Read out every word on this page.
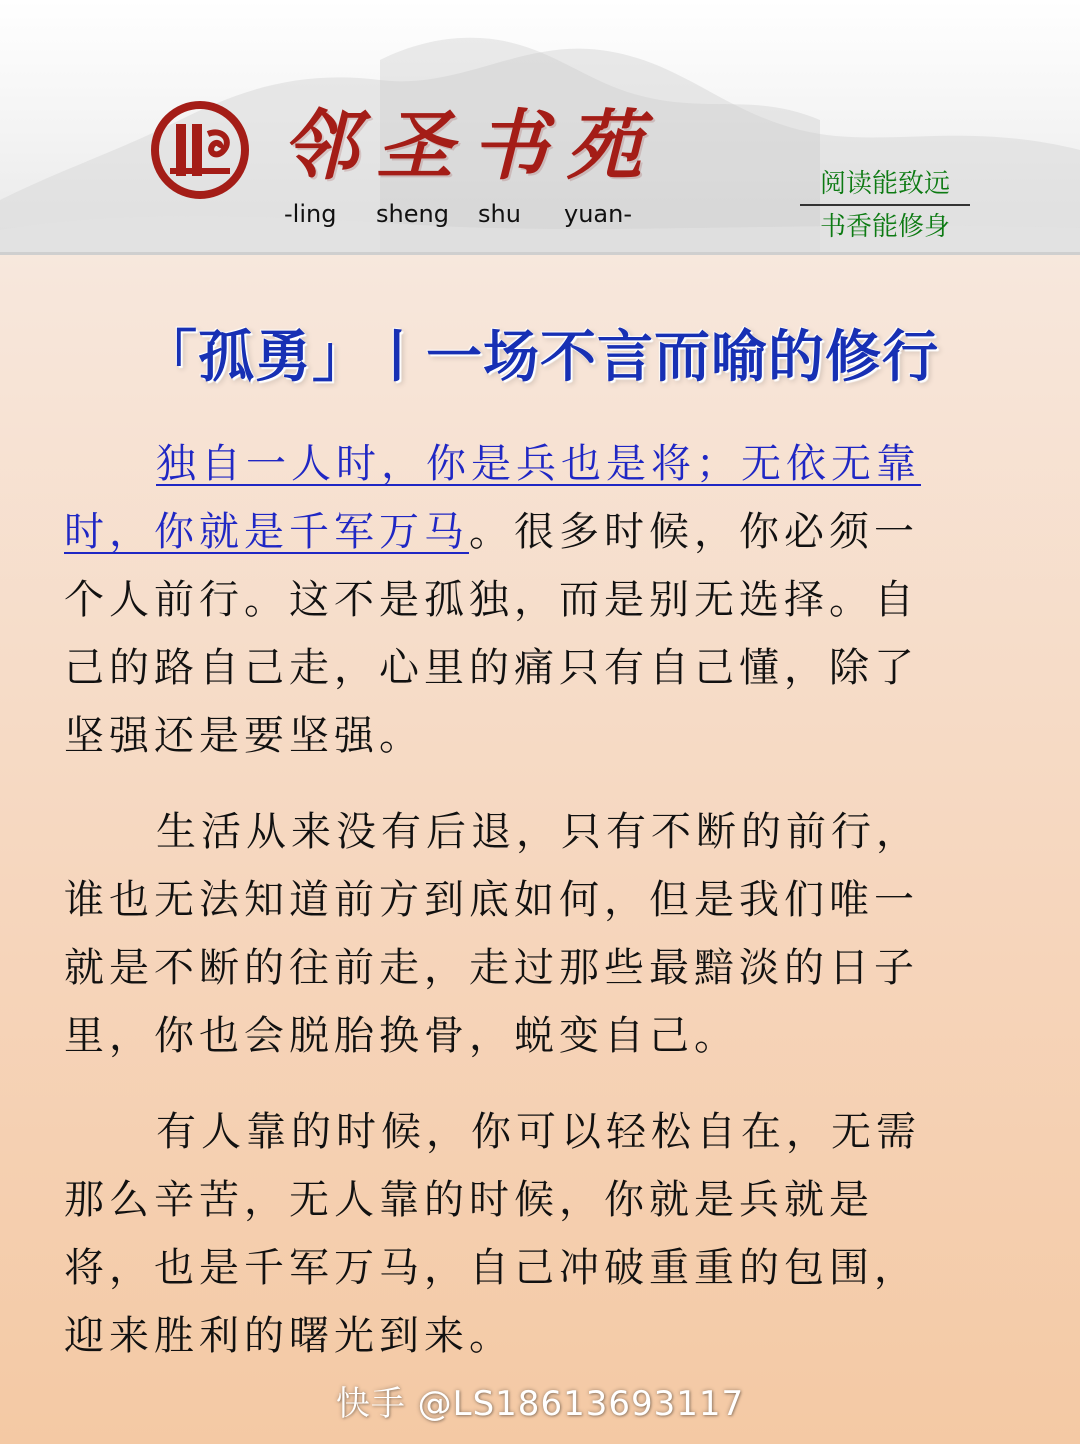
邻 圣 书 苑
-ling sheng shu yuan-
阅读能致远
书香能修身
「孤勇」丨一场不言而喻的修行

独自一人时，你是兵也是将；无依无靠时，你就是千军万马。很多时候，你必须一个人前行。这不是孤独，而是别无选择。自己的路自己走，心里的痛只有自己懂，除了坚强还是要坚强。

生活从来没有后退，只有不断的前行，谁也无法知道前方到底如何，但是我们唯一就是不断的往前走，走过那些最黯淡的日子里，你也会脱胎换骨，蜕变自己。

有人靠的时候，你可以轻松自在，无需那么辛苦，无人靠的时候，你就是兵就是将，也是千军万马，自己冲破重重的包围，迎来胜利的曙光到来。

快手 @LS18613693117
